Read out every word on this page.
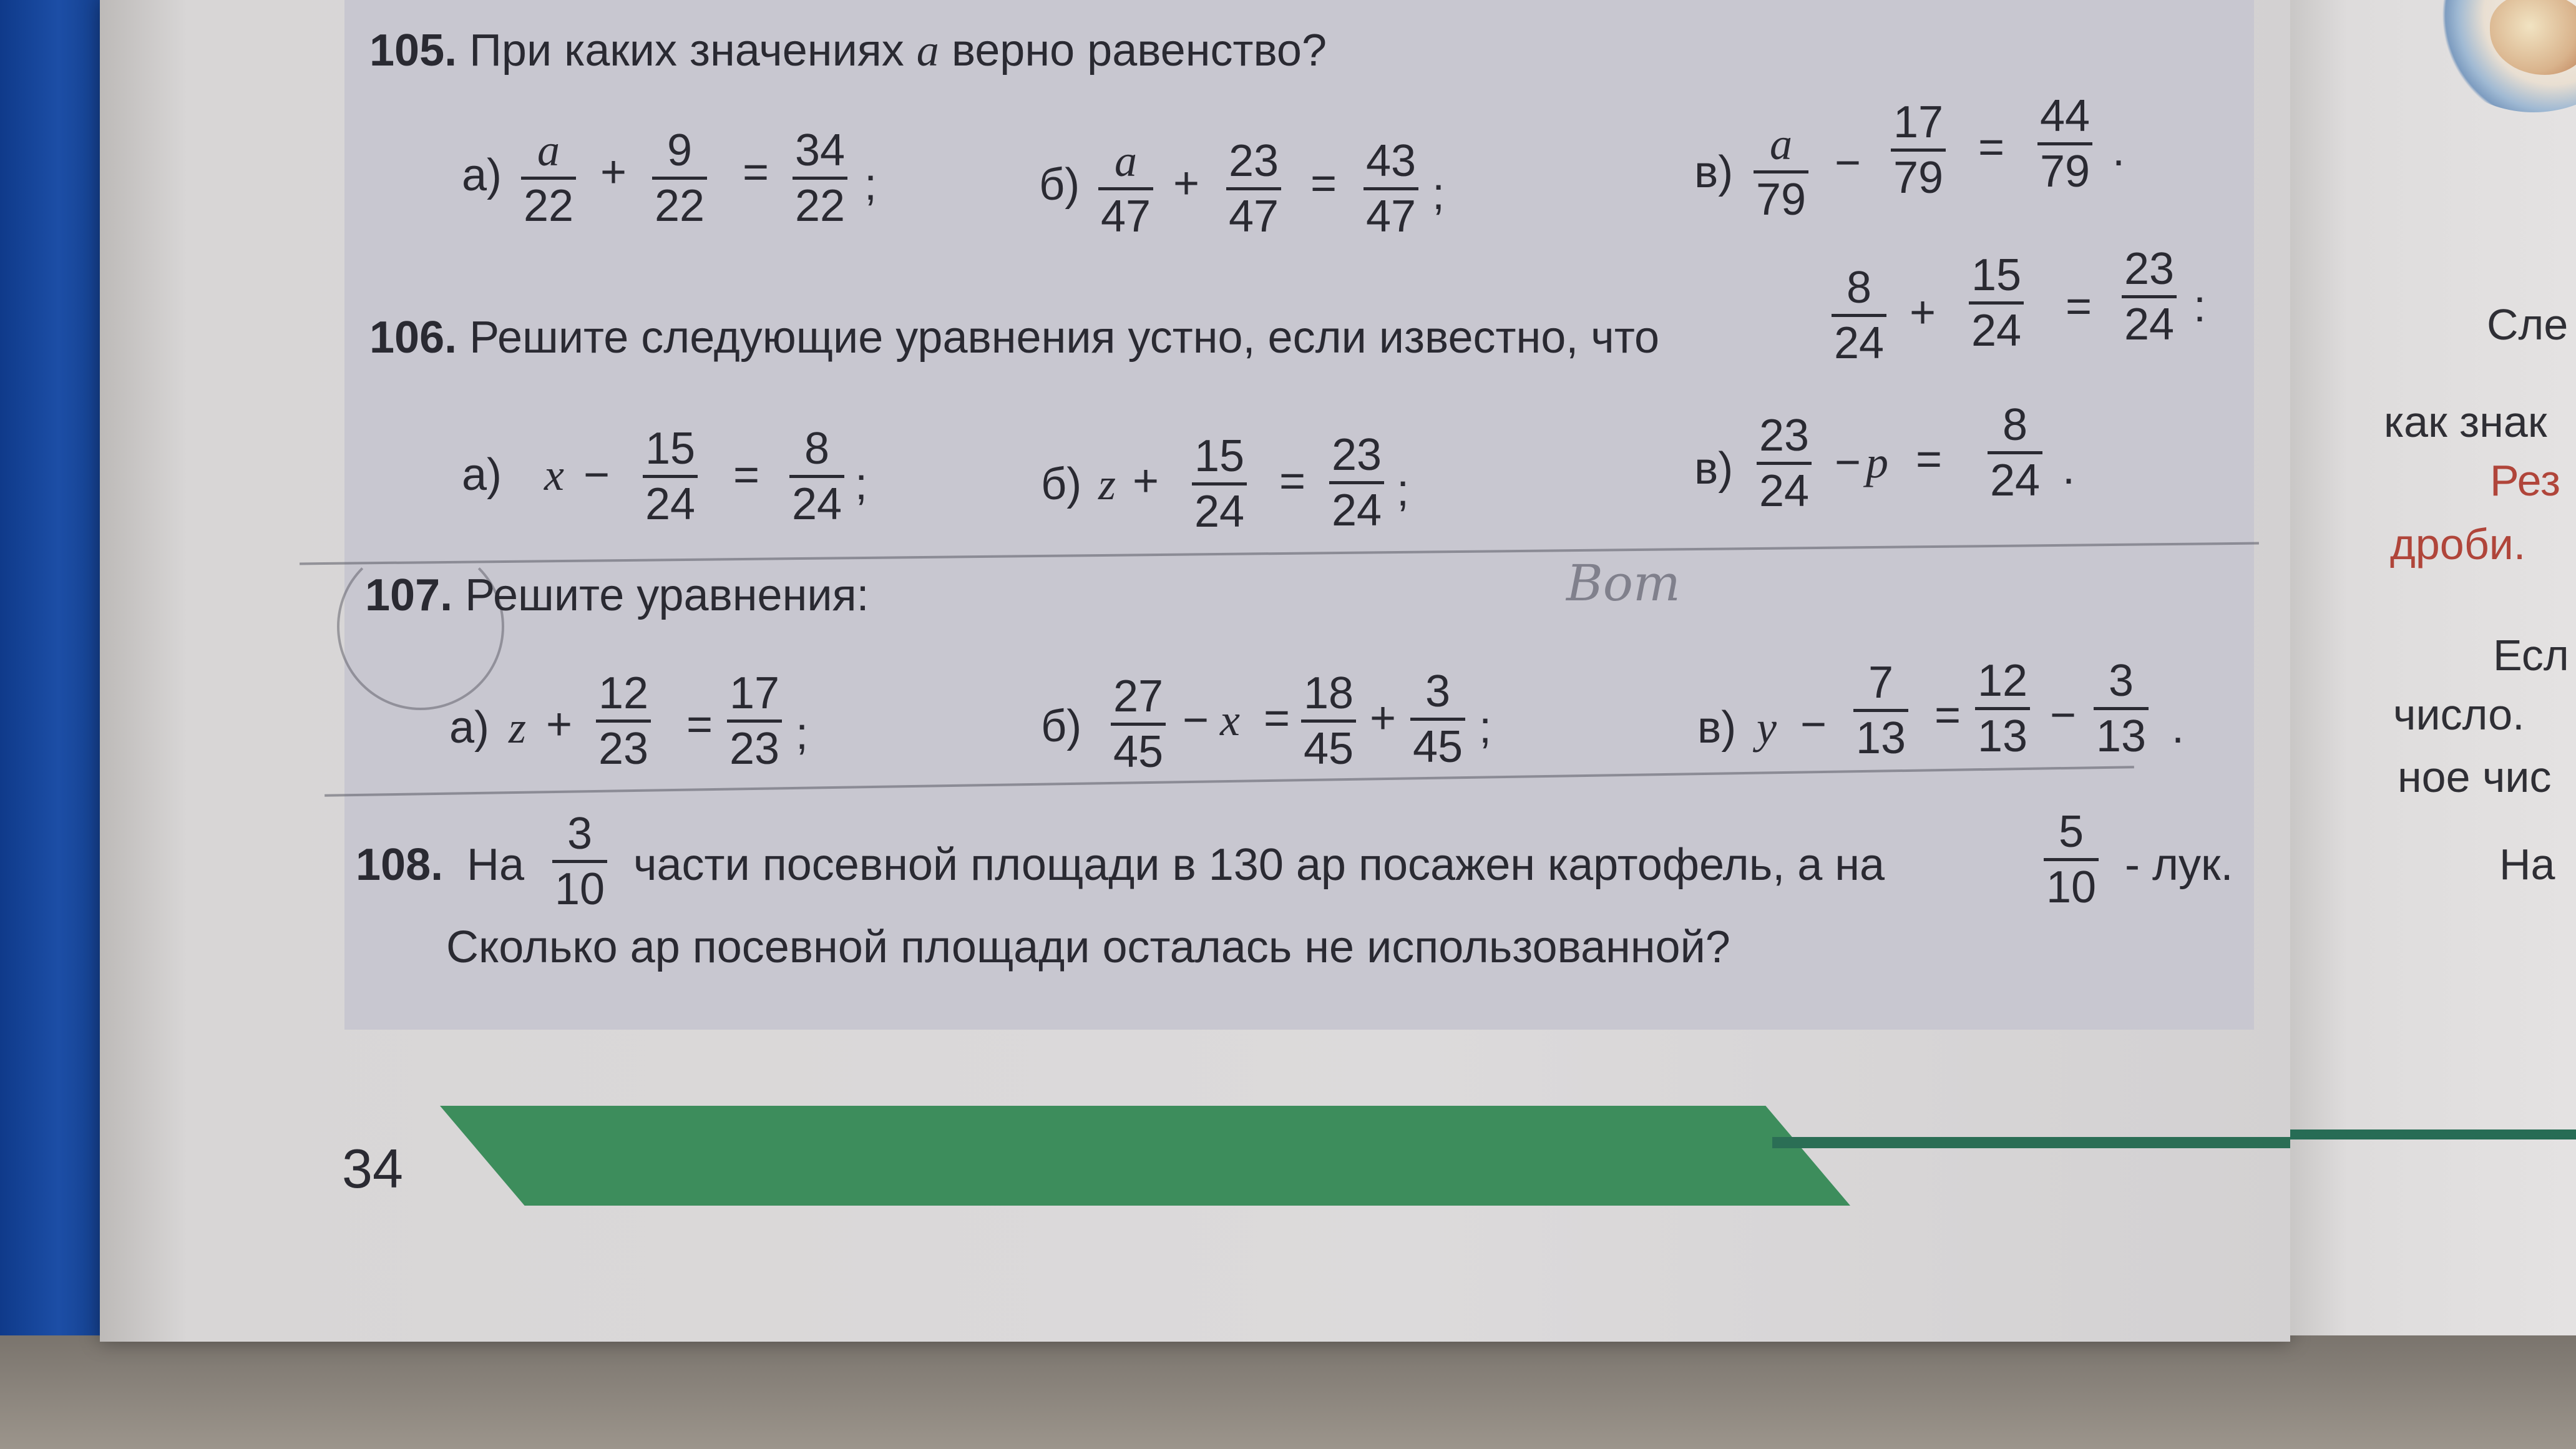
Сле
как знак
Рез
дроби.
Есл
число.
ное чис
На
105. При каких значениях a верно равенство?
$а) \frac{a}{22} + \frac{9}{22} = \frac{34}{22}$ ;	$б) \frac{a}{47} + \frac{23}{47} = \frac{43}{47}$ ;	$в) \frac{a}{79} - \frac{17}{79} = \frac{44}{79}$ .
106. Решите следующие уравнения устно, если известно, что	$\frac{8}{24} + \frac{15}{24} = \frac{23}{24}$ :
а) $x - \frac{15}{24} = \frac{8}{24}$ ;	б) $z + \frac{15}{24} = \frac{23}{24}$ ;	$в) \frac{23}{24} - p = \frac{8}{24}$ .
107. Решите уравнения:	Bom
а) $z + \frac{12}{23} = \frac{17}{23}$ ;	$б) \frac{27}{45} - x = \frac{18}{45} + \frac{3}{45}$ ;	в) $y - \frac{7}{13} = \frac{12}{13} - \frac{3}{13}$ .
108. На $\frac{3}{10}$ части посевной площади в 130 ар посажен картофель, а на	$\frac{5}{10}$ - лук.
Сколько ар посевной площади осталась не использованной?
34
